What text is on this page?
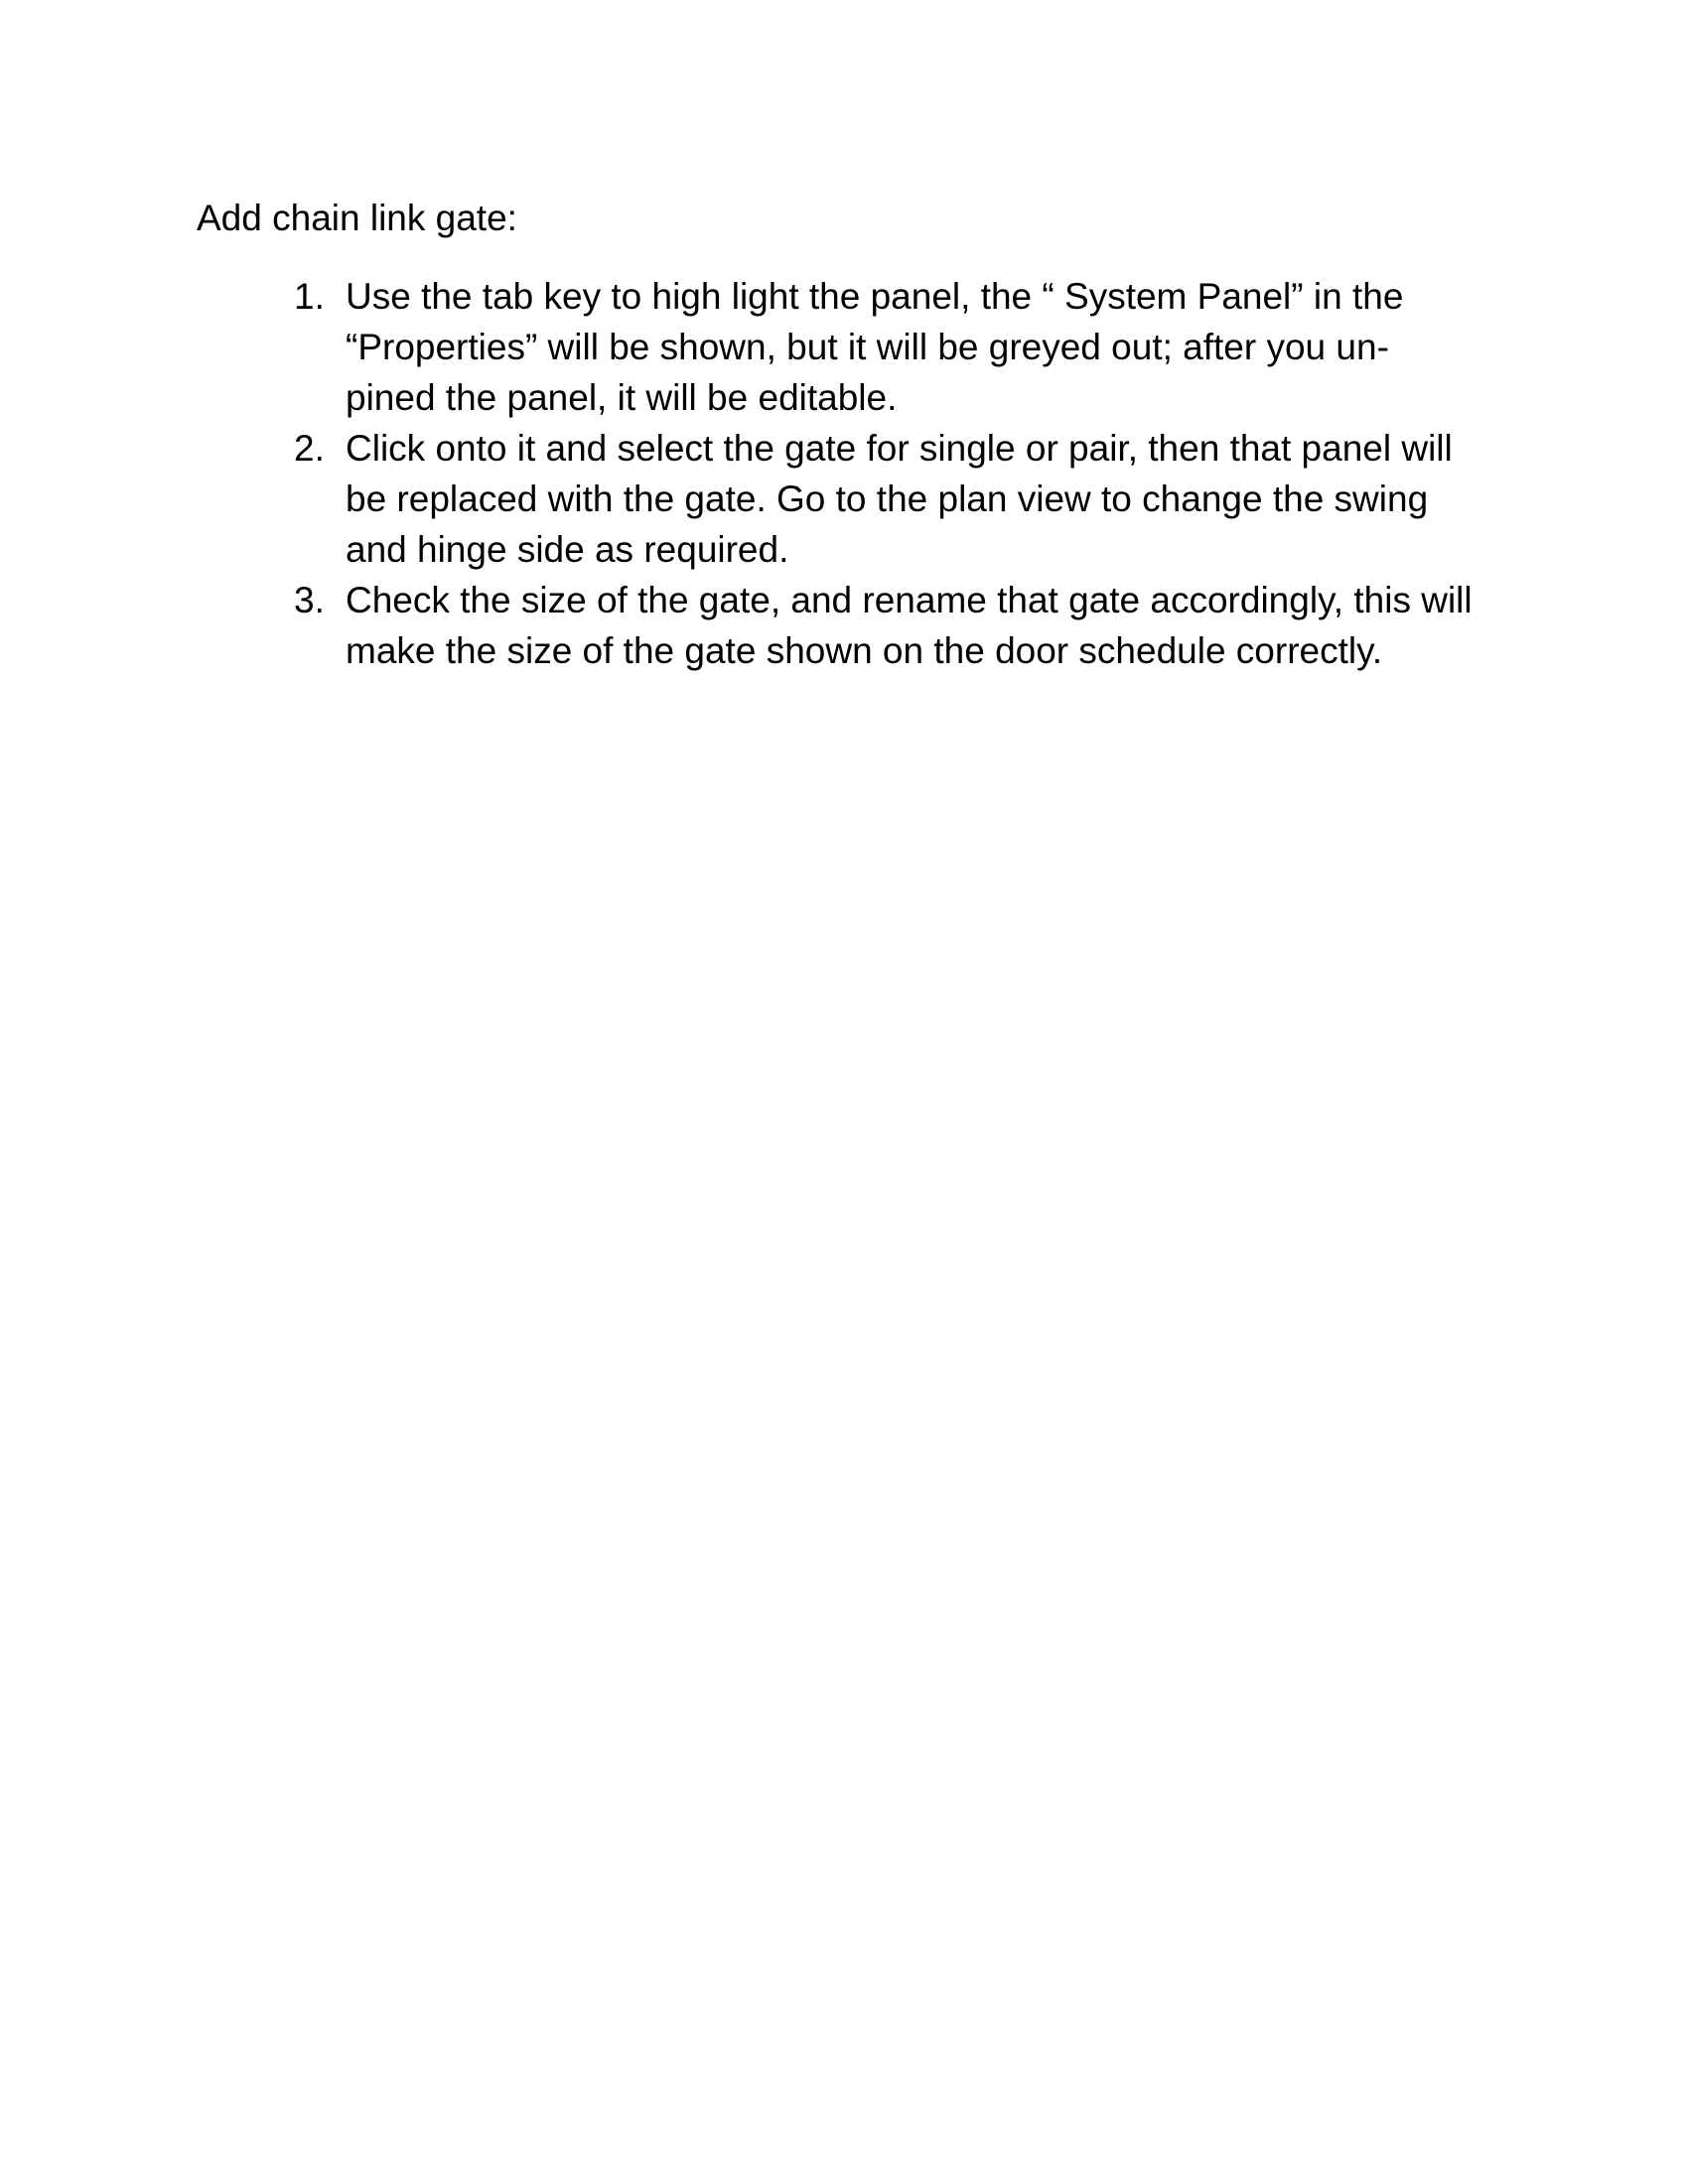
Add chain link gate:

1. Use the tab key to high light the panel, the “ System Panel” in the “Properties” will be shown, but it will be greyed out; after you un-pined the panel, it will be editable.
2. Click onto it and select the gate for single or pair, then that panel will be replaced with the gate. Go to the plan view to change the swing and hinge side as required.
3. Check the size of the gate, and rename that gate accordingly, this will make the size of the gate shown on the door schedule correctly.
